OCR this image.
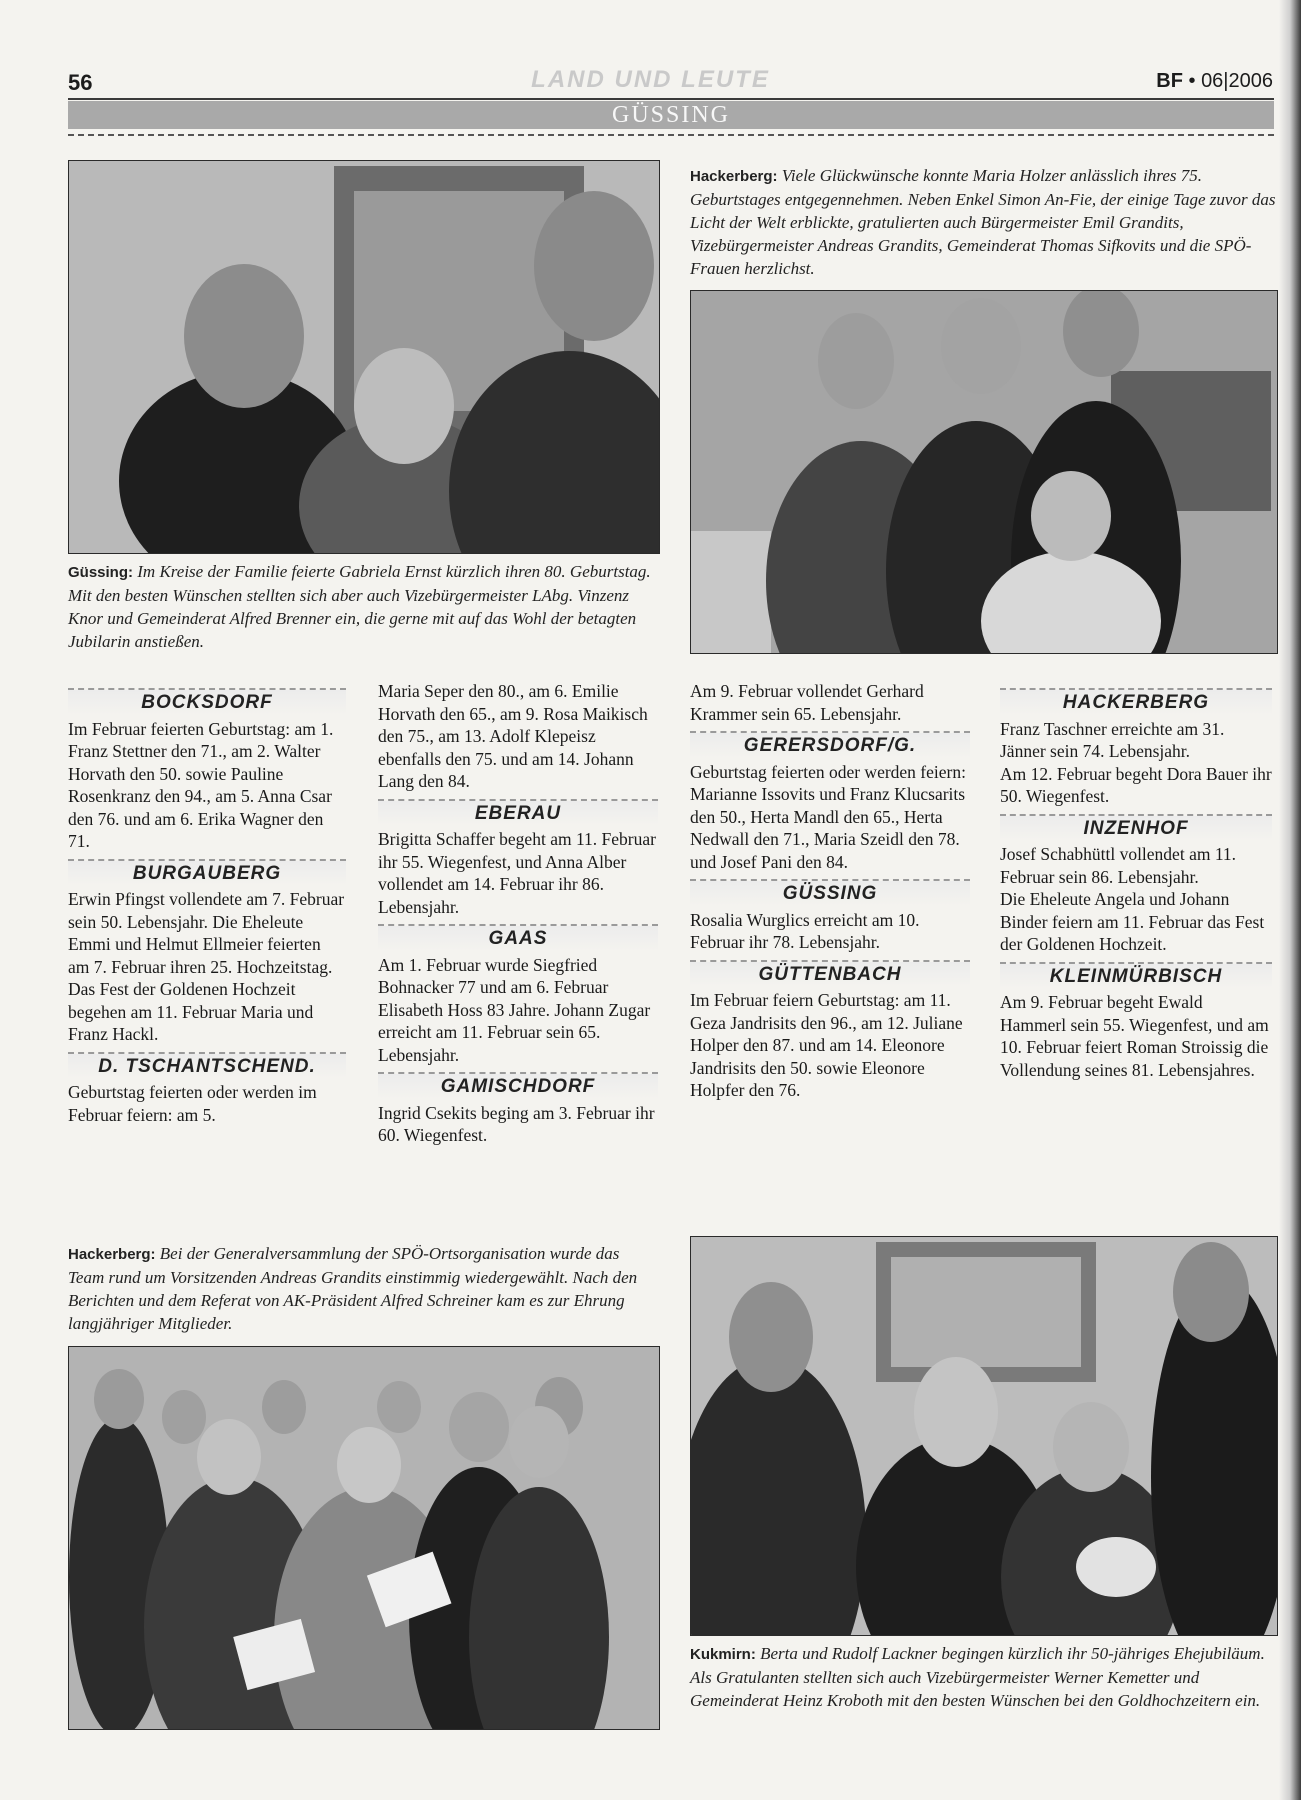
56	LAND UND LEUTE	BF • 06|2006
GÜSSING
Hackerberg: Viele Glückwünsche konnte Maria Holzer anlässlich ihres 75. Geburtstages entgegennehmen. Neben Enkel Simon An-Fie, der einige Tage zuvor das Licht der Welt erblickte, gratulierten auch Bürgermeister Emil Grandits, Vizebürgermeister Andreas Grandits, Gemeinderat Thomas Sifkovits und die SPÖ-Frauen herzlichst.
Güssing: Im Kreise der Familie feierte Gabriela Ernst kürzlich ihren 80. Geburtstag. Mit den besten Wünschen stellten sich aber auch Vizebürgermeister LAbg. Vinzenz Knor und Gemeinderat Alfred Brenner ein, die gerne mit auf das Wohl der betagten Jubilarin anstießen.
BOCKSDORF

Im Februar feierten Geburtstag: am 1. Franz Stettner den 71., am 2. Walter Horvath den 50. sowie Pauline Rosenkranz den 94., am 5. Anna Csar den 76. und am 6. Erika Wagner den 71.

BURGAUBERG

Erwin Pfingst vollendete am 7. Februar sein 50. Lebensjahr. Die Eheleute Emmi und Helmut Ellmeier feierten am 7. Februar ihren 25. Hochzeitstag. Das Fest der Goldenen Hochzeit begehen am 11. Februar Maria und Franz Hackl.

D. TSCHANTSCHEND.

Geburtstag feierten oder werden im Februar feiern: am 5.

Maria Seper den 80., am 6. Emilie Horvath den 65., am 9. Rosa Maikisch den 75., am 13. Adolf Klepeisz ebenfalls den 75. und am 14. Johann Lang den 84.

EBERAU

Brigitta Schaffer begeht am 11. Februar ihr 55. Wiegenfest, und Anna Alber vollendet am 14. Februar ihr 86. Lebensjahr.

GAAS

Am 1. Februar wurde Siegfried Bohnacker 77 und am 6. Februar Elisabeth Hoss 83 Jahre. Johann Zugar erreicht am 11. Februar sein 65. Lebensjahr.

GAMISCHDORF

Ingrid Csekits beging am 3. Februar ihr 60. Wiegenfest.

Am 9. Februar vollendet Gerhard Krammer sein 65. Lebensjahr.

GERERSDORF/G.

Geburtstag feierten oder werden feiern: Marianne Issovits und Franz Klucsarits den 50., Herta Mandl den 65., Herta Nedwall den 71., Maria Szeidl den 78. und Josef Pani den 84.

GÜSSING

Rosalia Wurglics erreicht am 10. Februar ihr 78. Lebensjahr.

GÜTTENBACH

Im Februar feiern Geburtstag: am 11. Geza Jandrisits den 96., am 12. Juliane Holper den 87. und am 14. Eleonore Jandrisits den 50. sowie Eleonore Holpfer den 76.

HACKERBERG

Franz Taschner erreichte am 31. Jänner sein 74. Lebensjahr.

Am 12. Februar begeht Dora Bauer ihr 50. Wiegenfest.

INZENHOF

Josef Schabhüttl vollendet am 11. Februar sein 86. Lebensjahr.

Die Eheleute Angela und Johann Binder feiern am 11. Februar das Fest der Goldenen Hochzeit.

KLEINMÜRBISCH

Am 9. Februar begeht Ewald Hammerl sein 55. Wiegenfest, und am 10. Februar feiert Roman Stroissig die Vollendung seines 81. Lebensjahres.

Hackerberg: Bei der Generalversammlung der SPÖ-Ortsorganisation wurde das Team rund um Vorsitzenden Andreas Grandits einstimmig wiedergewählt. Nach den Berichten und dem Referat von AK-Präsident Alfred Schreiner kam es zur Ehrung langjähriger Mitglieder.
Kukmirn: Berta und Rudolf Lackner begingen kürzlich ihr 50-jähriges Ehejubiläum. Als Gratulanten stellten sich auch Vizebürgermeister Werner Kemetter und Gemeinderat Heinz Kroboth mit den besten Wünschen bei den Goldhochzeitern ein.
